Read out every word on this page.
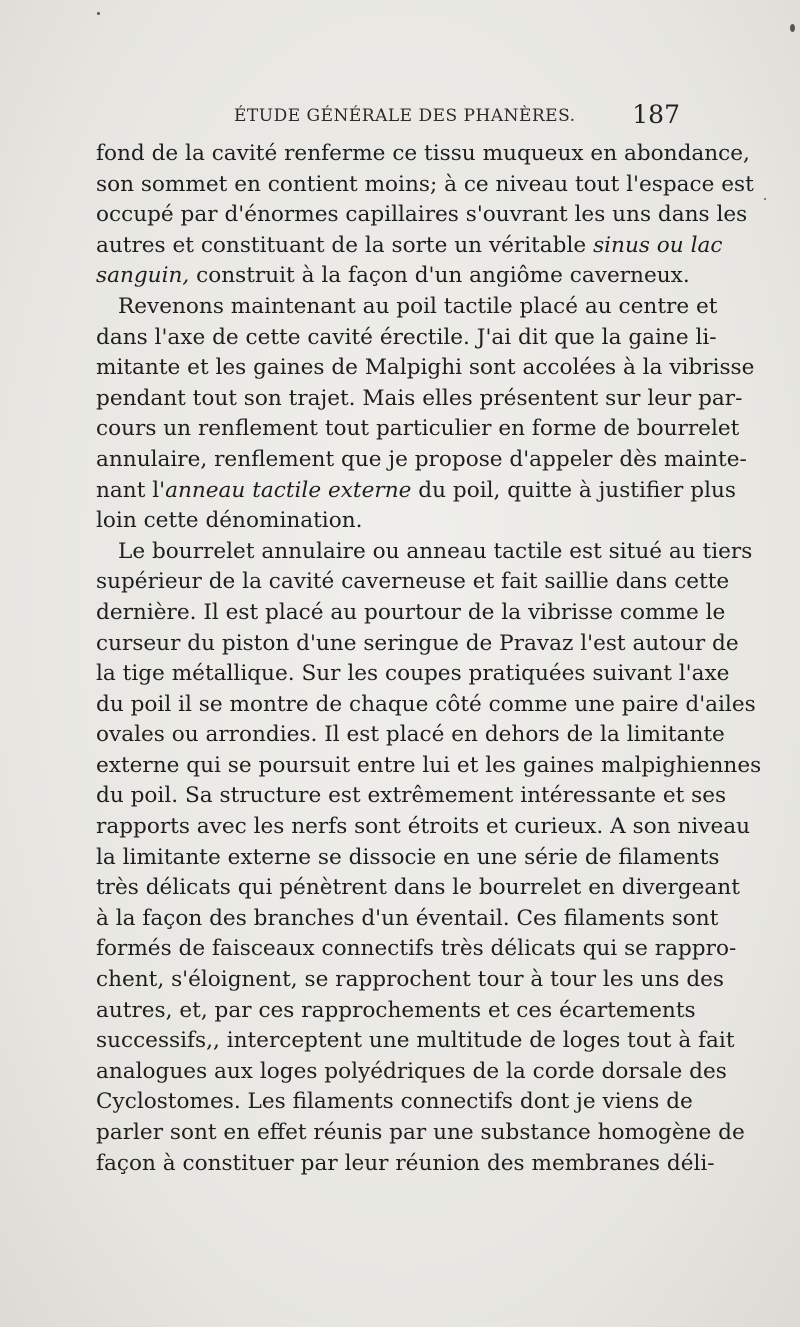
ÉTUDE GÉNÉRALE DES PHANÈRES. 187
fond de la cavité renferme ce tissu muqueux en abondance,
son sommet en contient moins; à ce niveau tout l'espace est
occupé par d'énormes capillaires s'ouvrant les uns dans les
autres et constituant de la sorte un véritable sinus ou lac
sanguin, construit à la façon d'un angiôme caverneux.
Revenons maintenant au poil tactile placé au centre et
dans l'axe de cette cavité érectile. J'ai dit que la gaine li-
mitante et les gaines de Malpighi sont accolées à la vibrisse
pendant tout son trajet. Mais elles présentent sur leur par-
cours un renflement tout particulier en forme de bourrelet
annulaire, renflement que je propose d'appeler dès mainte-
nant l'anneau tactile externe du poil, quitte à justifier plus
loin cette dénomination.
Le bourrelet annulaire ou anneau tactile est situé au tiers
supérieur de la cavité caverneuse et fait saillie dans cette
dernière. Il est placé au pourtour de la vibrisse comme le
curseur du piston d'une seringue de Pravaz l'est autour de
la tige métallique. Sur les coupes pratiquées suivant l'axe
du poil il se montre de chaque côté comme une paire d'ailes
ovales ou arrondies. Il est placé en dehors de la limitante
externe qui se poursuit entre lui et les gaines malpighiennes
du poil. Sa structure est extrêmement intéressante et ses
rapports avec les nerfs sont étroits et curieux. A son niveau
la limitante externe se dissocie en une série de filaments
très délicats qui pénètrent dans le bourrelet en divergeant
à la façon des branches d'un éventail. Ces filaments sont
formés de faisceaux connectifs très délicats qui se rappro-
chent, s'éloignent, se rapprochent tour à tour les uns des
autres, et, par ces rapprochements et ces écartements
successifs,, interceptent une multitude de loges tout à fait
analogues aux loges polyédriques de la corde dorsale des
Cyclostomes. Les filaments connectifs dont je viens de
parler sont en effet réunis par une substance homogène de
façon à constituer par leur réunion des membranes déli-
